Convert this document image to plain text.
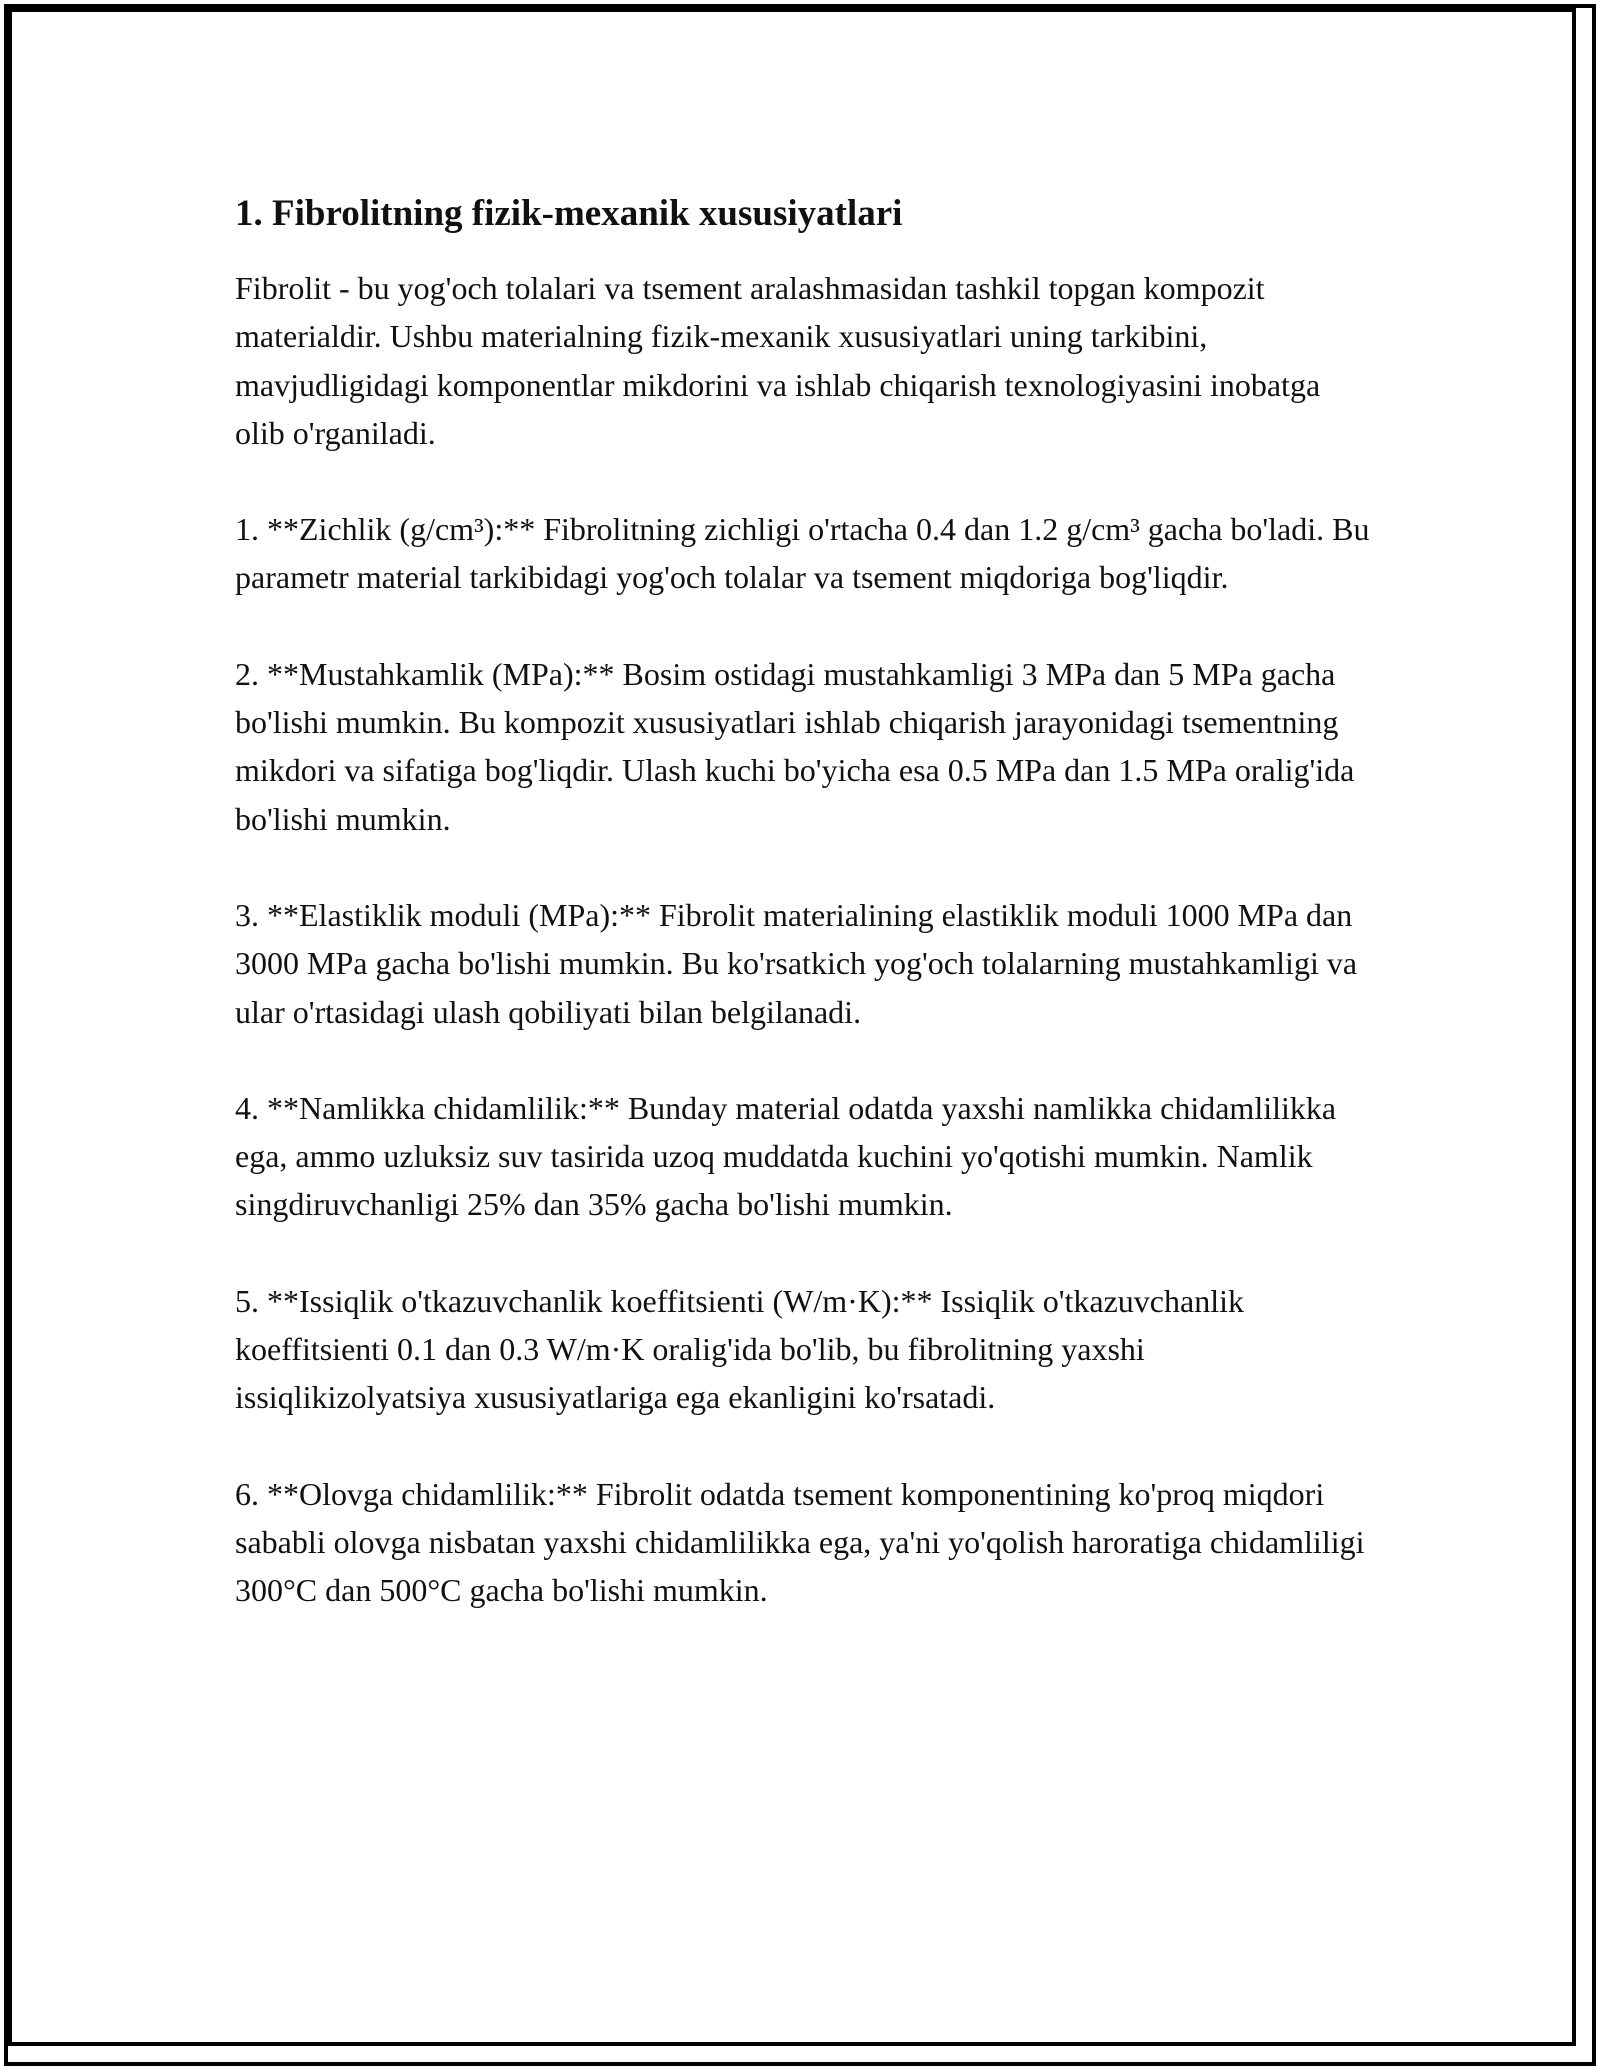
1. Fibrolitning fizik-mexanik xususiyatlari

Fibrolit - bu yog'och tolalari va tsement aralashmasidan tashkil topgan kompozit materialdir. Ushbu materialning fizik-mexanik xususiyatlari uning tarkibini, mavjudligidagi komponentlar mikdorini va ishlab chiqarish texnologiyasini inobatga olib o'rganiladi.

1. **Zichlik (g/cm³):** Fibrolitning zichligi o'rtacha 0.4 dan 1.2 g/cm³ gacha bo'ladi. Bu parametr material tarkibidagi yog'och tolalar va tsement miqdoriga bog'liqdir.

2. **Mustahkamlik (MPa):** Bosim ostidagi mustahkamligi 3 MPa dan 5 MPa gacha bo'lishi mumkin. Bu kompozit xususiyatlari ishlab chiqarish jarayonidagi tsementning mikdori va sifatiga bog'liqdir. Ulash kuchi bo'yicha esa 0.5 MPa dan 1.5 MPa oralig'ida bo'lishi mumkin.

3. **Elastiklik moduli (MPa):** Fibrolit materialining elastiklik moduli 1000 MPa dan 3000 MPa gacha bo'lishi mumkin. Bu ko'rsatkich yog'och tolalarning mustahkamligi va ular o'rtasidagi ulash qobiliyati bilan belgilanadi.

4. **Namlikka chidamlilik:** Bunday material odatda yaxshi namlikka chidamlilikka ega, ammo uzluksiz suv tasirida uzoq muddatda kuchini yo'qotishi mumkin. Namlik singdiruvchanligi 25% dan 35% gacha bo'lishi mumkin.

5. **Issiqlik o'tkazuvchanlik koeffitsienti (W/m·K):** Issiqlik o'tkazuvchanlik koeffitsienti 0.1 dan 0.3 W/m·K oralig'ida bo'lib, bu fibrolitning yaxshi issiqlikizolyatsiya xususiyatlariga ega ekanligini ko'rsatadi.

6. **Olovga chidamlilik:** Fibrolit odatda tsement komponentining ko'proq miqdori sababli olovga nisbatan yaxshi chidamlilikka ega, ya'ni yo'qolish haroratiga chidamliligi 300°C dan 500°C gacha bo'lishi mumkin.
